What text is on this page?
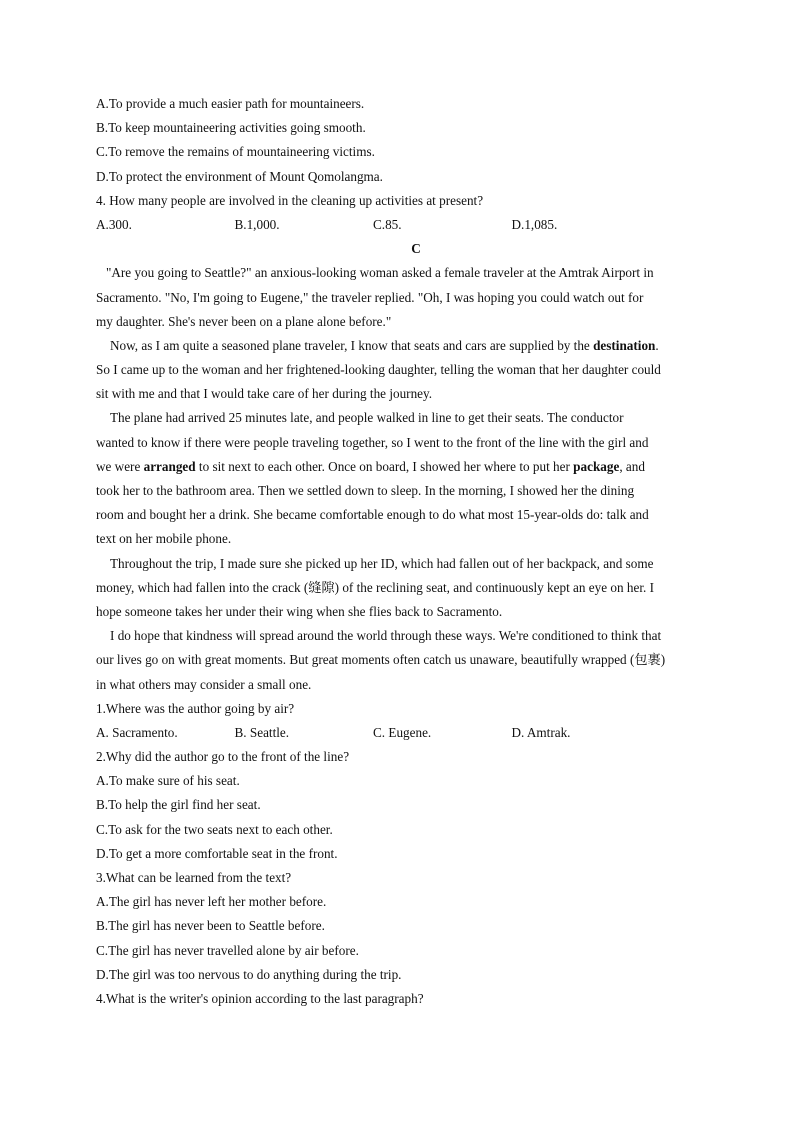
A.To provide a much easier path for mountaineers.
B.To keep mountaineering activities going smooth.
C.To remove the remains of mountaineering victims.
D.To protect the environment of Mount Qomolangma.
4. How many people are involved in the cleaning up activities at present?
A.300.	B.1,000.	C.85.	D.1,085.
C
"Are you going to Seattle?" an anxious-looking woman asked a female traveler at the Amtrak Airport in
Sacramento. "No, I'm going to Eugene," the traveler replied. "Oh, I was hoping you could watch out for
my daughter. She's never been on a plane alone before."
Now, as I am quite a seasoned plane traveler, I know that seats and cars are supplied by the destination.
So I came up to the woman and her frightened-looking daughter, telling the woman that her daughter could
sit with me and that I would take care of her during the journey.
The plane had arrived 25 minutes late, and people walked in line to get their seats. The conductor
wanted to know if there were people traveling together, so I went to the front of the line with the girl and
we were arranged to sit next to each other. Once on board, I showed her where to put her package, and
took her to the bathroom area. Then we settled down to sleep. In the morning, I showed her the dining
room and bought her a drink. She became comfortable enough to do what most 15-year-olds do: talk and
text on her mobile phone.
Throughout the trip, I made sure she picked up her ID, which had fallen out of her backpack, and some
money, which had fallen into the crack (缝隙) of the reclining seat, and continuously kept an eye on her. I
hope someone takes her under their wing when she flies back to Sacramento.
I do hope that kindness will spread around the world through these ways. We're conditioned to think that
our lives go on with great moments. But great moments often catch us unaware, beautifully wrapped (包裹)
in what others may consider a small one.
1.Where was the author going by air?
A. Sacramento.	B. Seattle.	C. Eugene.	D. Amtrak.
2.Why did the author go to the front of the line?
A.To make sure of his seat.
B.To help the girl find her seat.
C.To ask for the two seats next to each other.
D.To get a more comfortable seat in the front.
3.What can be learned from the text?
A.The girl has never left her mother before.
B.The girl has never been to Seattle before.
C.The girl has never travelled alone by air before.
D.The girl was too nervous to do anything during the trip.
4.What is the writer's opinion according to the last paragraph?
